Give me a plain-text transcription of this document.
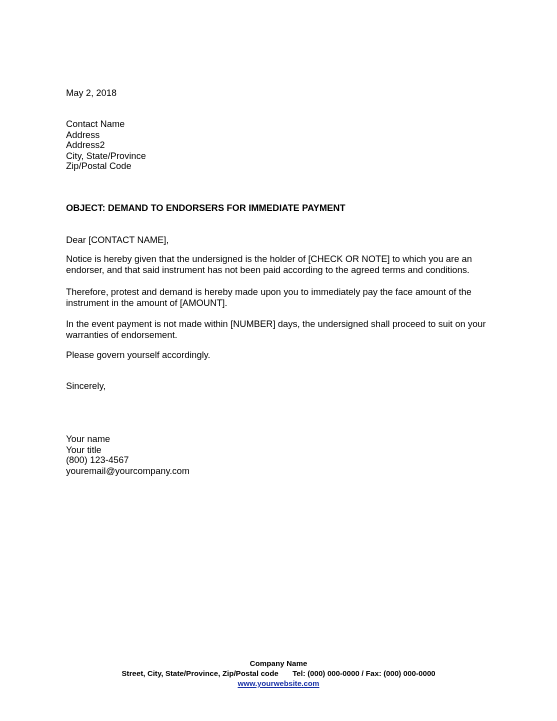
May 2, 2018
Contact Name
Address
Address2
City, State/Province
Zip/Postal Code
OBJECT: DEMAND TO ENDORSERS FOR IMMEDIATE PAYMENT
Dear [CONTACT NAME],
Notice is hereby given that the undersigned is the holder of [CHECK OR NOTE] to which you are an endorser, and that said instrument has not been paid according to the agreed terms and conditions.
Therefore, protest and demand is hereby made upon you to immediately pay the face amount of the instrument in the amount of [AMOUNT].
In the event payment is not made within [NUMBER] days, the undersigned shall proceed to suit on your warranties of endorsement.
Please govern yourself accordingly.
Sincerely,
Your name
Your title
(800) 123-4567
youremail@yourcompany.com
Company Name
Street, City, State/Province, Zip/Postal code Tel: (000) 000-0000 / Fax: (000) 000-0000
www.yourwebsite.com
